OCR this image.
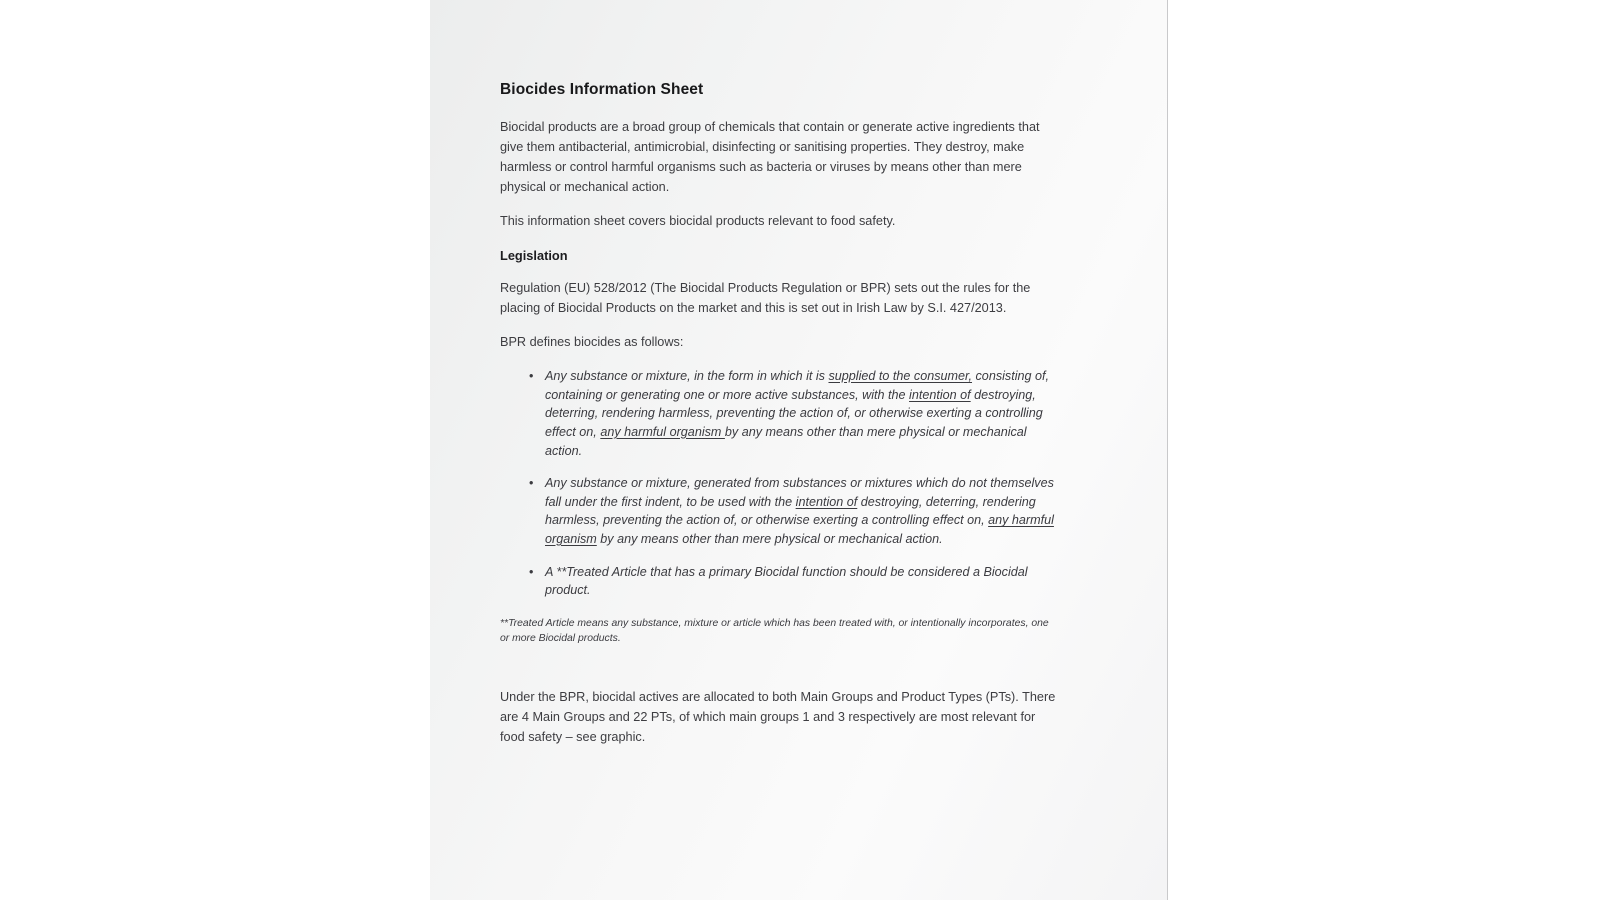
Biocides Information Sheet

Biocidal products are a broad group of chemicals that contain or generate active ingredients that give them antibacterial, antimicrobial, disinfecting or sanitising properties. They destroy, make harmless or control harmful organisms such as bacteria or viruses by means other than mere physical or mechanical action.

This information sheet covers biocidal products relevant to food safety.

Legislation

Regulation (EU) 528/2012 (The Biocidal Products Regulation or BPR) sets out the rules for the placing of Biocidal Products on the market and this is set out in Irish Law by S.I. 427/2013.

BPR defines biocides as follows:

• Any substance or mixture, in the form in which it is supplied to the consumer, consisting of, containing or generating one or more active substances, with the intention of destroying, deterring, rendering harmless, preventing the action of, or otherwise exerting a controlling effect on, any harmful organism by any means other than mere physical or mechanical action.
• Any substance or mixture, generated from substances or mixtures which do not themselves fall under the first indent, to be used with the intention of destroying, deterring, rendering harmless, preventing the action of, or otherwise exerting a controlling effect on, any harmful organism by any means other than mere physical or mechanical action.
• A **Treated Article that has a primary Biocidal function should be considered a Biocidal product.

**Treated Article means any substance, mixture or article which has been treated with, or intentionally incorporates, one or more Biocidal products.

Under the BPR, biocidal actives are allocated to both Main Groups and Product Types (PTs). There are 4 Main Groups and 22 PTs, of which main groups 1 and 3 respectively are most relevant for food safety – see graphic.
